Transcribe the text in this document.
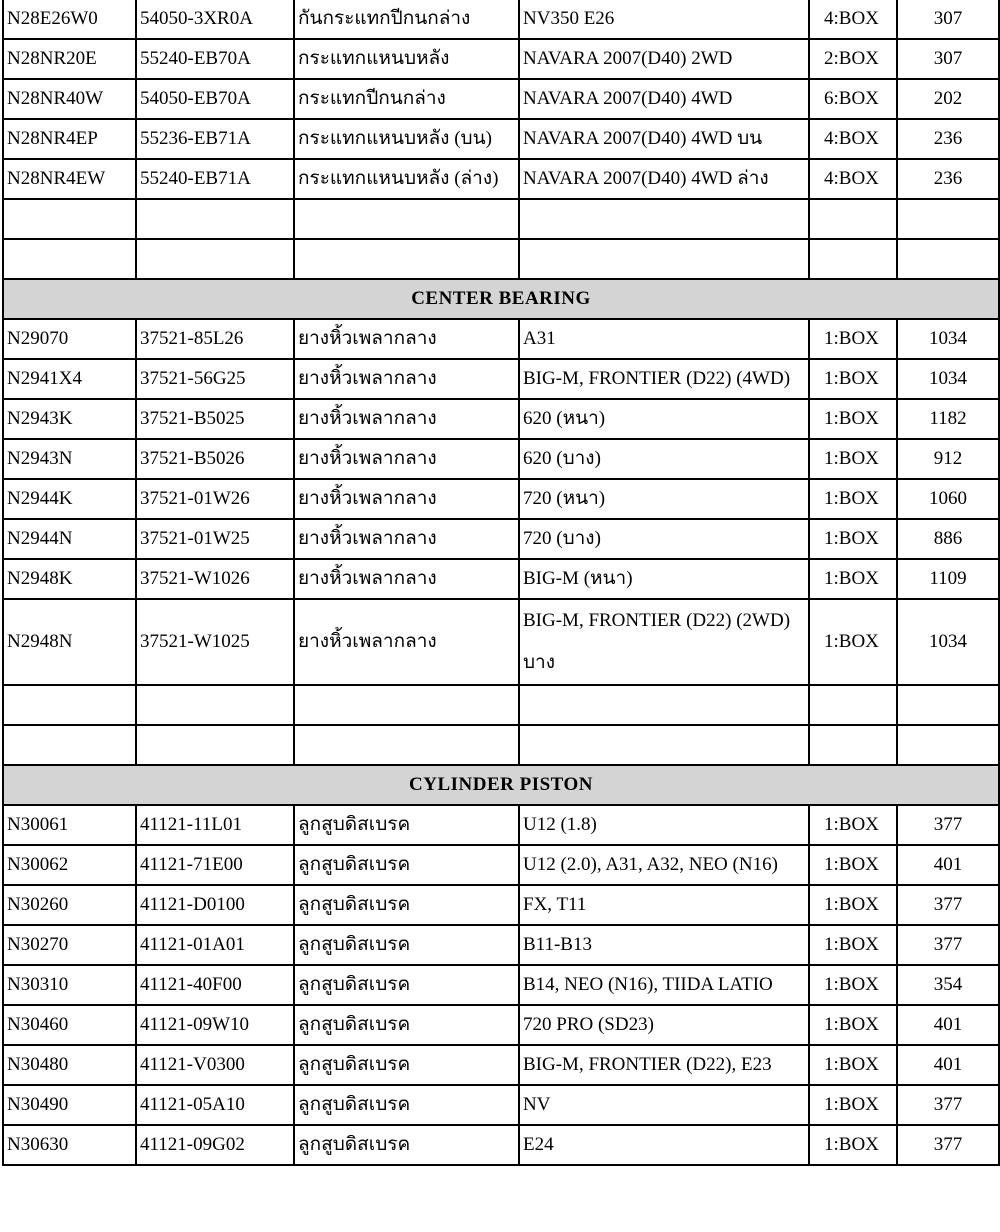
N28E26W0	54050-3XR0A	กันกระแทกปีกนกล่าง	NV350 E26	4:BOX	307
N28NR20E	55240-EB70A	กระแทกแหนบหลัง	NAVARA 2007(D40) 2WD	2:BOX	307
N28NR40W	54050-EB70A	กระแทกปีกนกล่าง	NAVARA 2007(D40) 4WD	6:BOX	202
N28NR4EP	55236-EB71A	กระแทกแหนบหลัง (บน)	NAVARA 2007(D40) 4WD บน	4:BOX	236
N28NR4EW	55240-EB71A	กระแทกแหนบหลัง (ล่าง)	NAVARA 2007(D40) 4WD ล่าง	4:BOX	236

CENTER BEARING					
N29070	37521-85L26	ยางหิ้วเพลากลาง	A31	1:BOX	1034
N2941X4	37521-56G25	ยางหิ้วเพลากลาง	BIG-M, FRONTIER (D22) (4WD)	1:BOX	1034
N2943K	37521-B5025	ยางหิ้วเพลากลาง	620 (หนา)	1:BOX	1182
N2943N	37521-B5026	ยางหิ้วเพลากลาง	620 (บาง)	1:BOX	912
N2944K	37521-01W26	ยางหิ้วเพลากลาง	720 (หนา)	1:BOX	1060
N2944N	37521-01W25	ยางหิ้วเพลากลาง	720 (บาง)	1:BOX	886
N2948K	37521-W1026	ยางหิ้วเพลากลาง	BIG-M (หนา)	1:BOX	1109
N2948N	37521-W1025	ยางหิ้วเพลากลาง	BIG-M, FRONTIER (D22) (2WD) บาง	1:BOX	1034

CYLINDER PISTON					
N30061	41121-11L01	ลูกสูบดิสเบรค	U12 (1.8)	1:BOX	377
N30062	41121-71E00	ลูกสูบดิสเบรค	U12 (2.0), A31, A32, NEO (N16)	1:BOX	401
N30260	41121-D0100	ลูกสูบดิสเบรค	FX, T11	1:BOX	377
N30270	41121-01A01	ลูกสูบดิสเบรค	B11-B13	1:BOX	377
N30310	41121-40F00	ลูกสูบดิสเบรค	B14, NEO (N16), TIIDA LATIO	1:BOX	354
N30460	41121-09W10	ลูกสูบดิสเบรค	720 PRO (SD23)	1:BOX	401
N30480	41121-V0300	ลูกสูบดิสเบรค	BIG-M, FRONTIER (D22), E23	1:BOX	401
N30490	41121-05A10	ลูกสูบดิสเบรค	NV	1:BOX	377
N30630	41121-09G02	ลูกสูบดิสเบรค	E24	1:BOX	377
